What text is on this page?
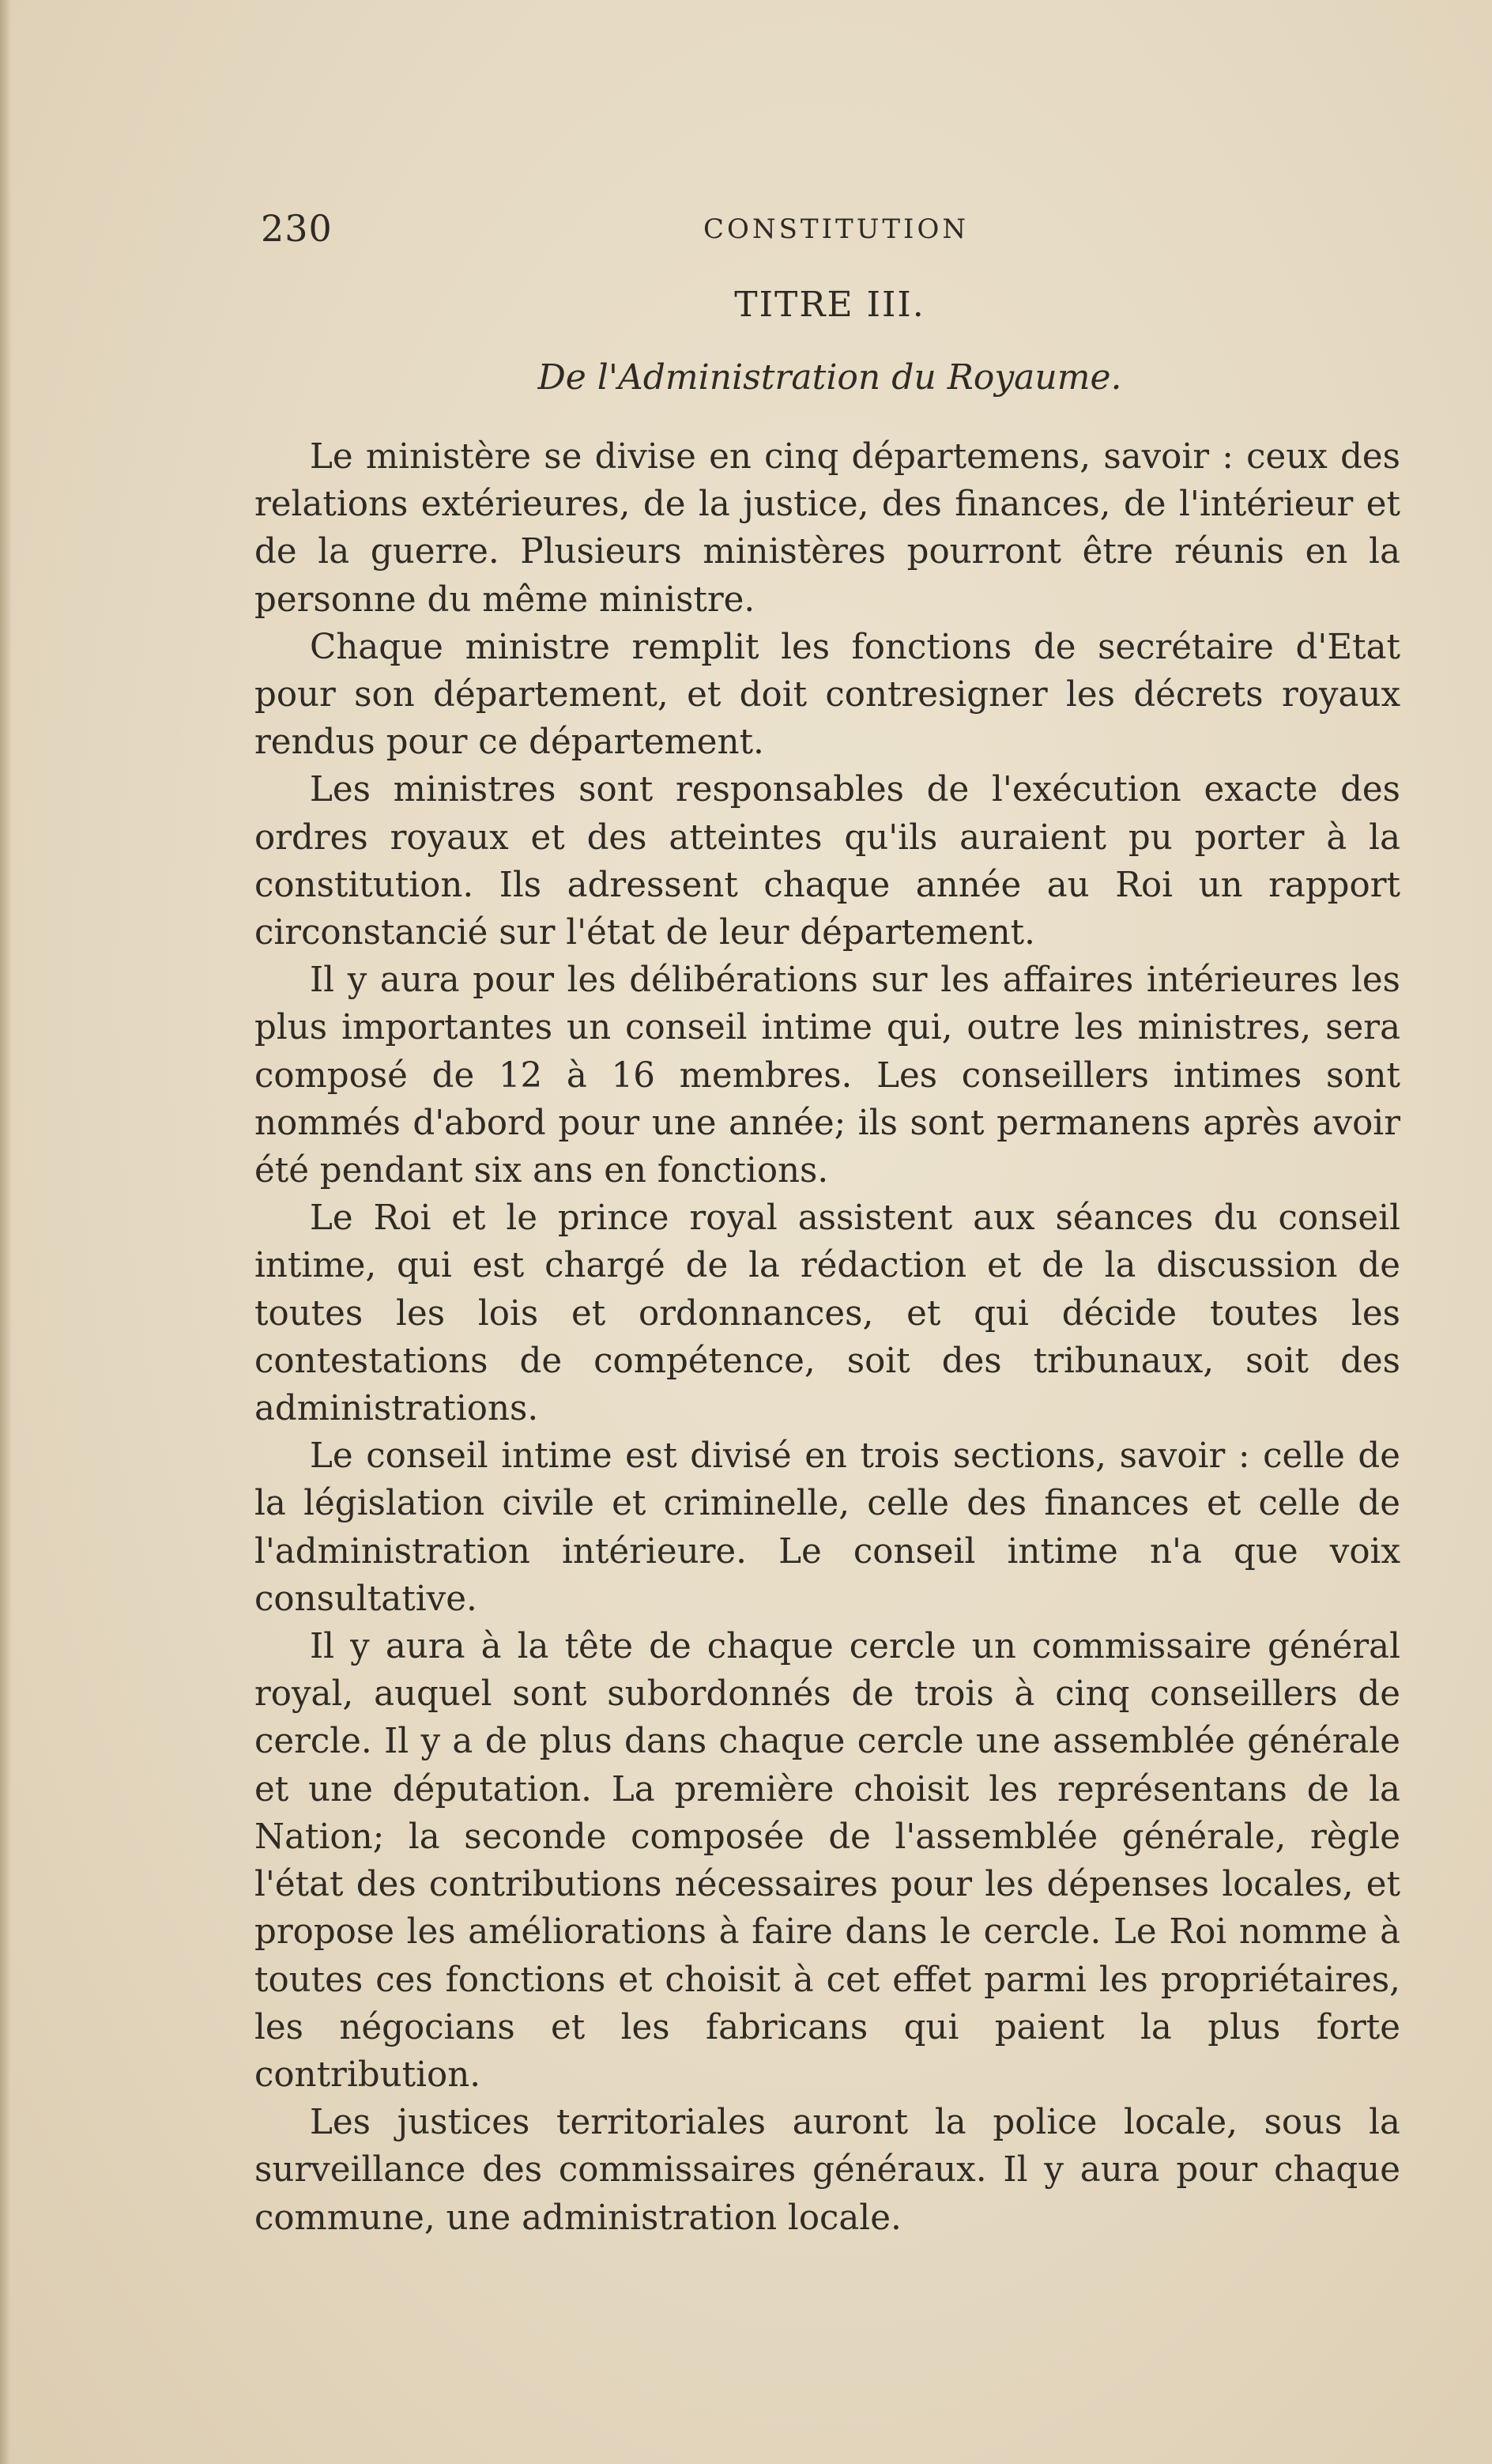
230	CONSTITUTION
TITRE III.
De l'Administration du Royaume.

Le ministère se divise en cinq départemens, savoir : ceux des relations extérieures, de la justice, des finances, de l'intérieur et de la guerre. Plusieurs ministères pourront être réunis en la personne du même ministre.

Chaque ministre remplit les fonctions de secrétaire d'Etat pour son département, et doit contresigner les décrets royaux rendus pour ce département.

Les ministres sont responsables de l'exécution exacte des ordres royaux et des atteintes qu'ils auraient pu porter à la constitution. Ils adressent chaque année au Roi un rapport circonstancié sur l'état de leur département.

Il y aura pour les délibérations sur les affaires intérieures les plus importantes un conseil intime qui, outre les ministres, sera composé de 12 à 16 membres. Les conseillers intimes sont nommés d'abord pour une année; ils sont permanens après avoir été pendant six ans en fonctions.

Le Roi et le prince royal assistent aux séances du conseil intime, qui est chargé de la rédaction et de la discussion de toutes les lois et ordonnances, et qui décide toutes les contestations de compétence, soit des tribunaux, soit des administrations.

Le conseil intime est divisé en trois sections, savoir : celle de la législation civile et criminelle, celle des finances et celle de l'administration intérieure. Le conseil intime n'a que voix consultative.

Il y aura à la tête de chaque cercle un commissaire général royal, auquel sont subordonnés de trois à cinq conseillers de cercle. Il y a de plus dans chaque cercle une assemblée générale et une députation. La première choisit les représentans de la Nation; la seconde composée de l'assemblée générale, règle l'état des contributions nécessaires pour les dépenses locales, et propose les améliorations à faire dans le cercle. Le Roi nomme à toutes ces fonctions et choisit à cet effet parmi les propriétaires, les négocians et les fabricans qui paient la plus forte contribution.

Les justices territoriales auront la police locale, sous la surveillance des commissaires généraux. Il y aura pour chaque commune, une administration locale.
